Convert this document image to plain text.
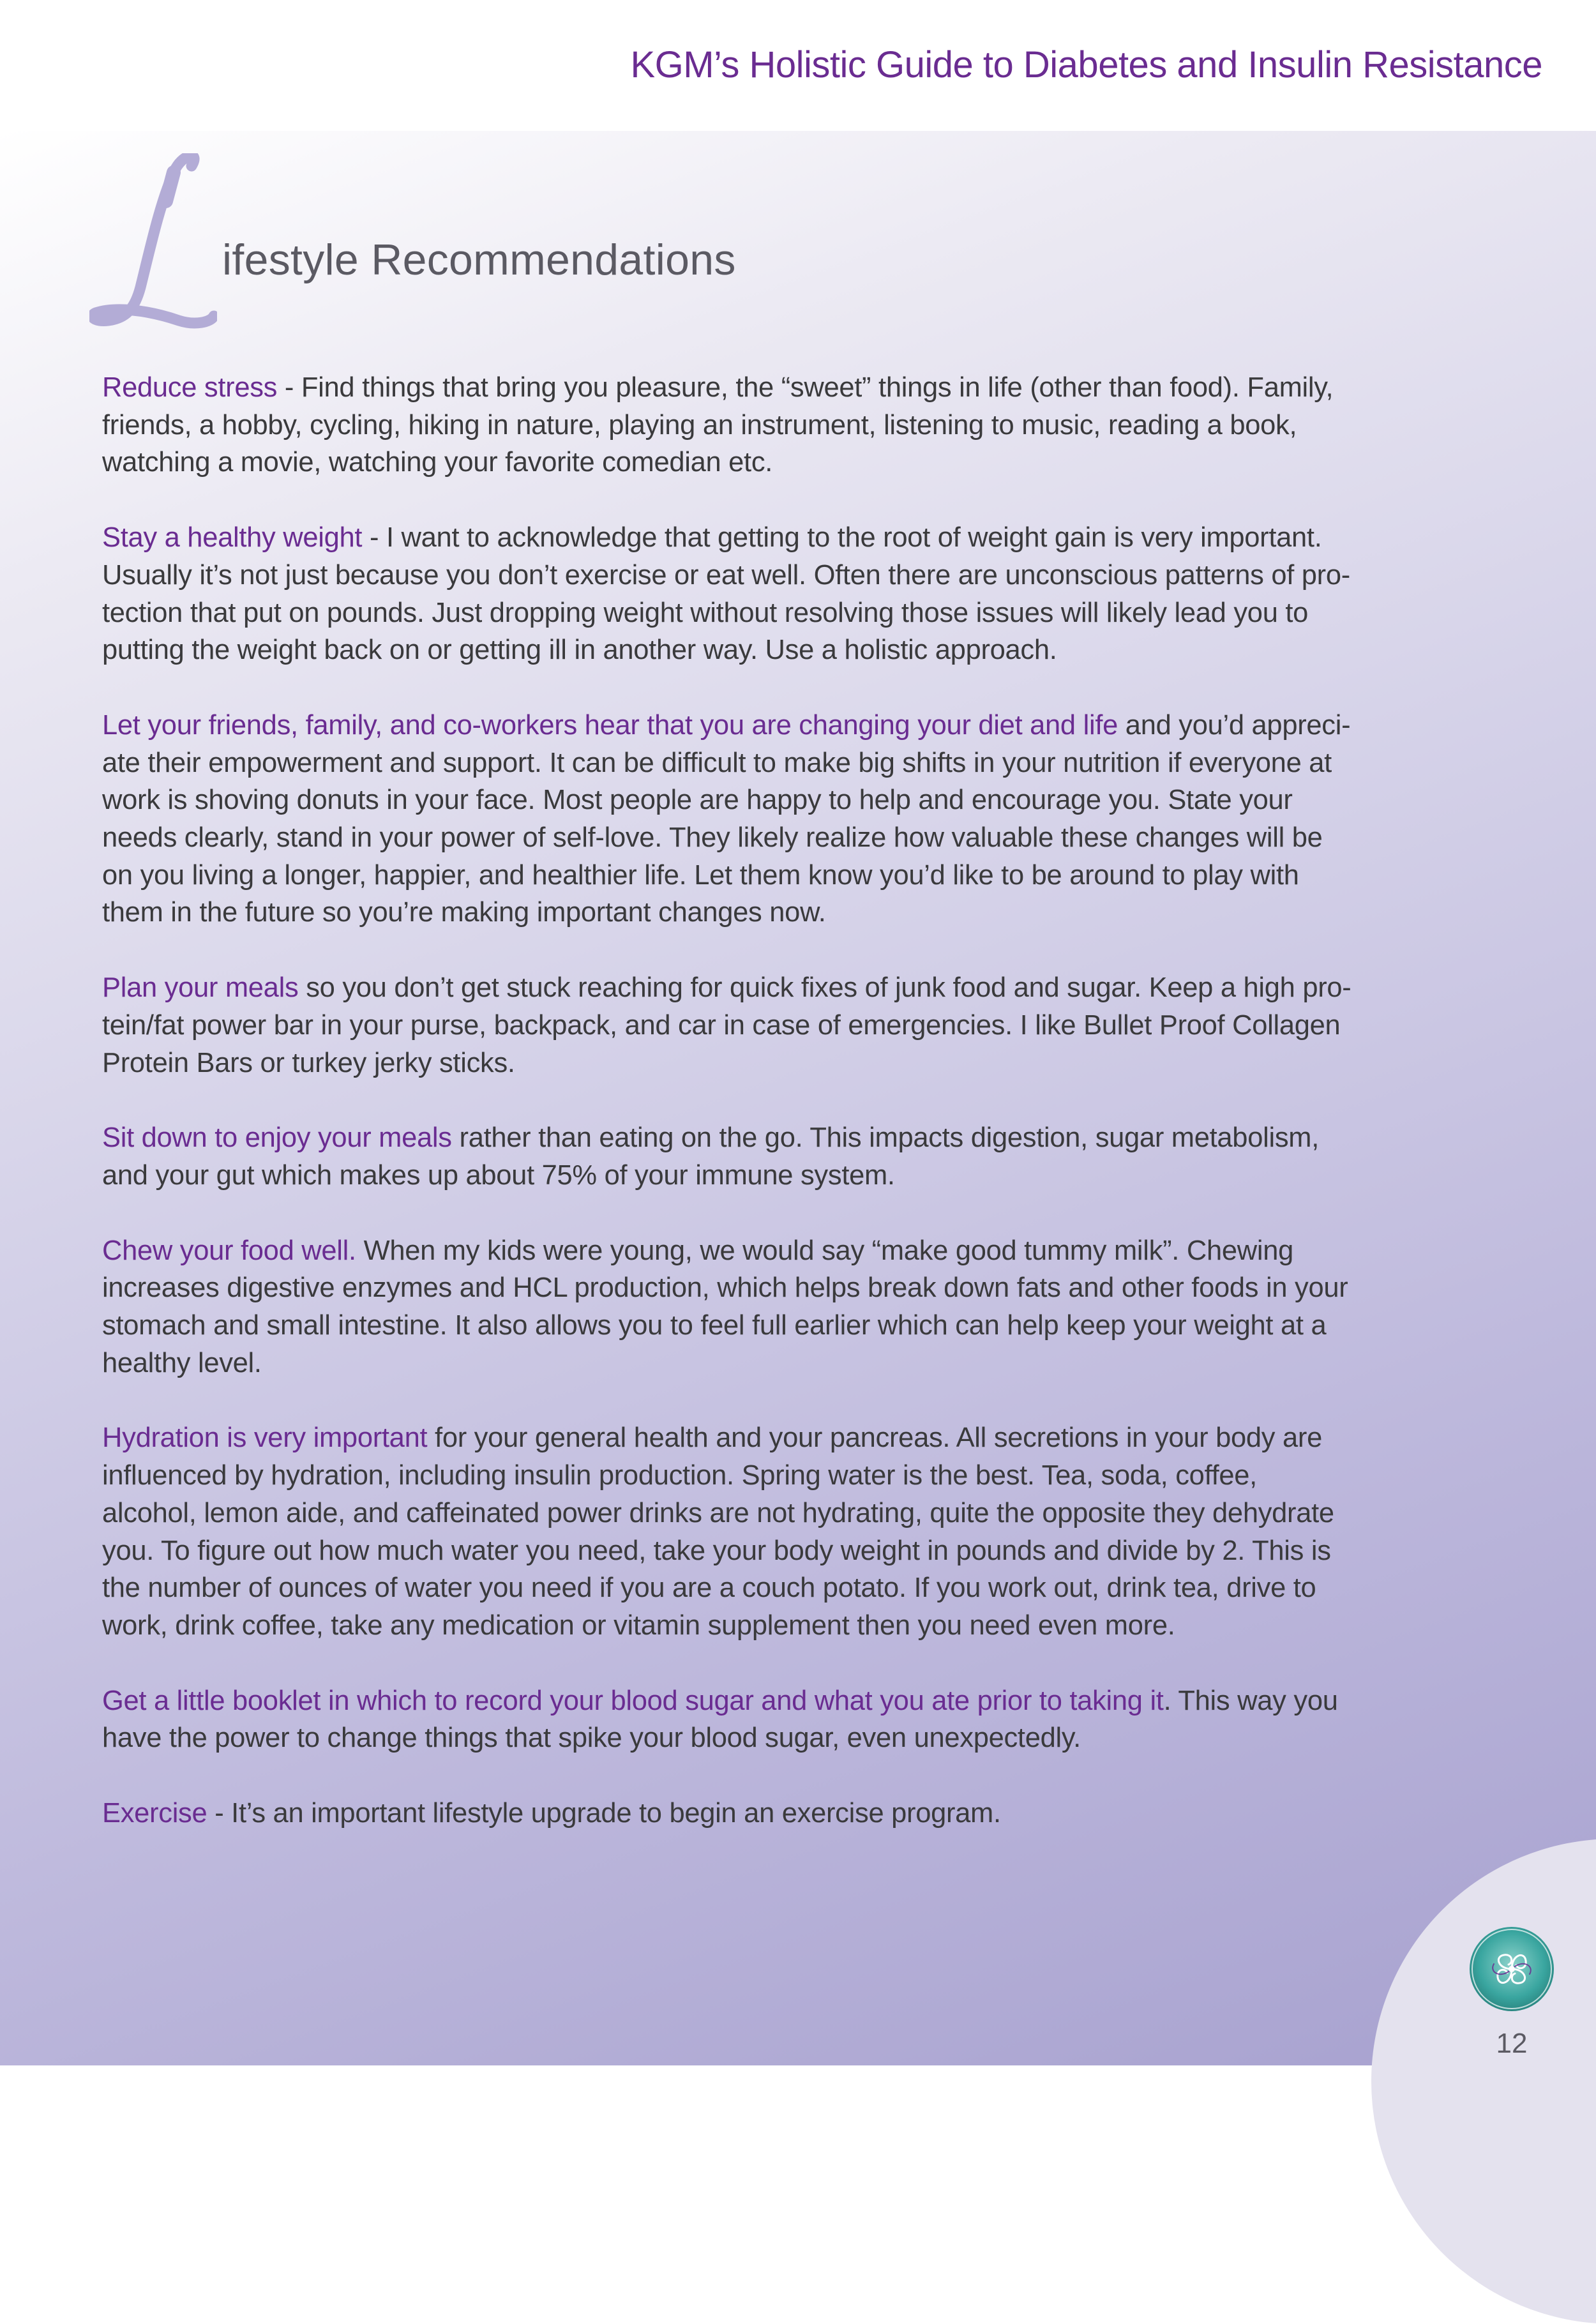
KGM’s Holistic Guide to Diabetes and Insulin Resistance
ifestyle Recommendations

Reduce stress - Find things that bring you pleasure, the “sweet” things in life (other than food). Family,
friends, a hobby, cycling, hiking in nature, playing an instrument, listening to music, reading a book,
watching a movie, watching your favorite comedian etc.

Stay a healthy weight - I want to acknowledge that getting to the root of weight gain is very important.
Usually it’s not just because you don’t exercise or eat well. Often there are unconscious patterns of pro-
tection that put on pounds. Just dropping weight without resolving those issues will likely lead you to
putting the weight back on or getting ill in another way. Use a holistic approach.

Let your friends, family, and co-workers hear that you are changing your diet and life and you’d appreci-
ate their empowerment and support. It can be difficult to make big shifts in your nutrition if everyone at
work is shoving donuts in your face. Most people are happy to help and encourage you. State your
needs clearly, stand in your power of self-love. They likely realize how valuable these changes will be
on you living a longer, happier, and healthier life. Let them know you’d like to be around to play with
them in the future so you’re making important changes now.

Plan your meals so you don’t get stuck reaching for quick fixes of junk food and sugar. Keep a high pro-
tein/fat power bar in your purse, backpack, and car in case of emergencies. I like Bullet Proof Collagen
Protein Bars or turkey jerky sticks.

Sit down to enjoy your meals rather than eating on the go. This impacts digestion, sugar metabolism,
and your gut which makes up about 75% of your immune system.

Chew your food well. When my kids were young, we would say “make good tummy milk”. Chewing
increases digestive enzymes and HCL production, which helps break down fats and other foods in your
stomach and small intestine. It also allows you to feel full earlier which can help keep your weight at a
healthy level.

Hydration is very important for your general health and your pancreas. All secretions in your body are
influenced by hydration, including insulin production. Spring water is the best. Tea, soda, coffee,
alcohol, lemon aide, and caffeinated power drinks are not hydrating, quite the opposite they dehydrate
you. To figure out how much water you need, take your body weight in pounds and divide by 2. This is
the number of ounces of water you need if you are a couch potato. If you work out, drink tea, drive to
work, drink coffee, take any medication or vitamin supplement then you need even more.

Get a little booklet in which to record your blood sugar and what you ate prior to taking it. This way you
have the power to change things that spike your blood sugar, even unexpectedly.

Exercise - It’s an important lifestyle upgrade to begin an exercise program.

12
